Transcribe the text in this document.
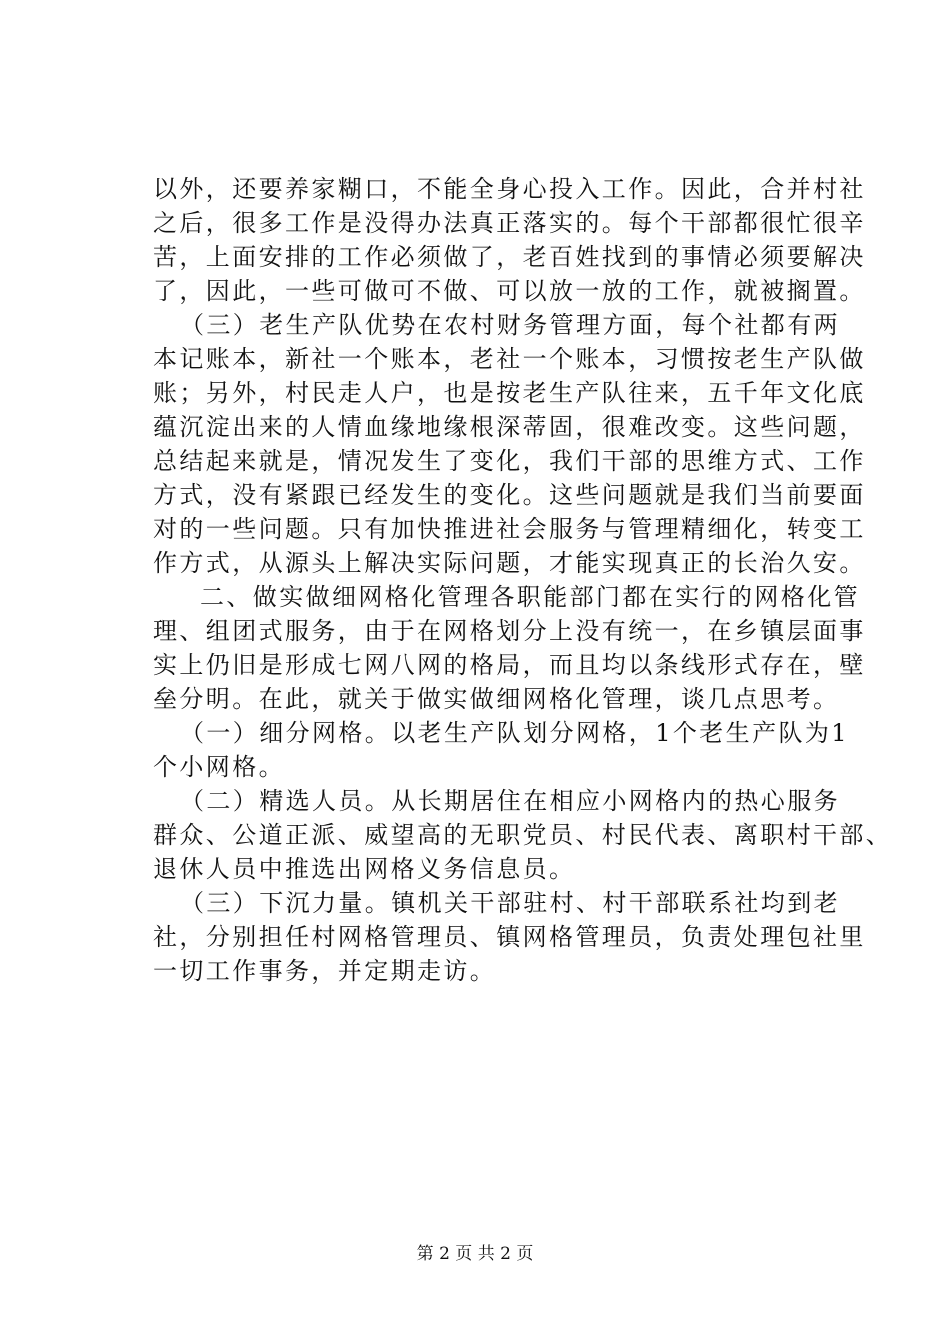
以外，还要养家糊口，不能全身心投入工作。因此，合并村社
之后，很多工作是没得办法真正落实的。每个干部都很忙很辛
苦，上面安排的工作必须做了，老百姓找到的事情必须要解决
了，因此，一些可做可不做、可以放一放的工作，就被搁置。
（三）老生产队优势在农村财务管理方面，每个社都有两
本记账本，新社一个账本，老社一个账本，习惯按老生产队做
账；另外，村民走人户，也是按老生产队往来，五千年文化底
蕴沉淀出来的人情血缘地缘根深蒂固，很难改变。这些问题，
总结起来就是，情况发生了变化，我们干部的思维方式、工作
方式，没有紧跟已经发生的变化。这些问题就是我们当前要面
对的一些问题。只有加快推进社会服务与管理精细化，转变工
作方式，从源头上解决实际问题，才能实现真正的长治久安。
二、做实做细网格化管理各职能部门都在实行的网格化管
理、组团式服务，由于在网格划分上没有统一，在乡镇层面事
实上仍旧是形成七网八网的格局，而且均以条线形式存在，壁
垒分明。在此，就关于做实做细网格化管理，谈几点思考。
（一）细分网格。以老生产队划分网格，1个老生产队为1
个小网格。
（二）精选人员。从长期居住在相应小网格内的热心服务
群众、公道正派、威望高的无职党员、村民代表、离职村干部、
退休人员中推选出网格义务信息员。
（三）下沉力量。镇机关干部驻村、村干部联系社均到老
社，分别担任村网格管理员、镇网格管理员，负责处理包社里
一切工作事务，并定期走访。
第 2 页 共 2 页
